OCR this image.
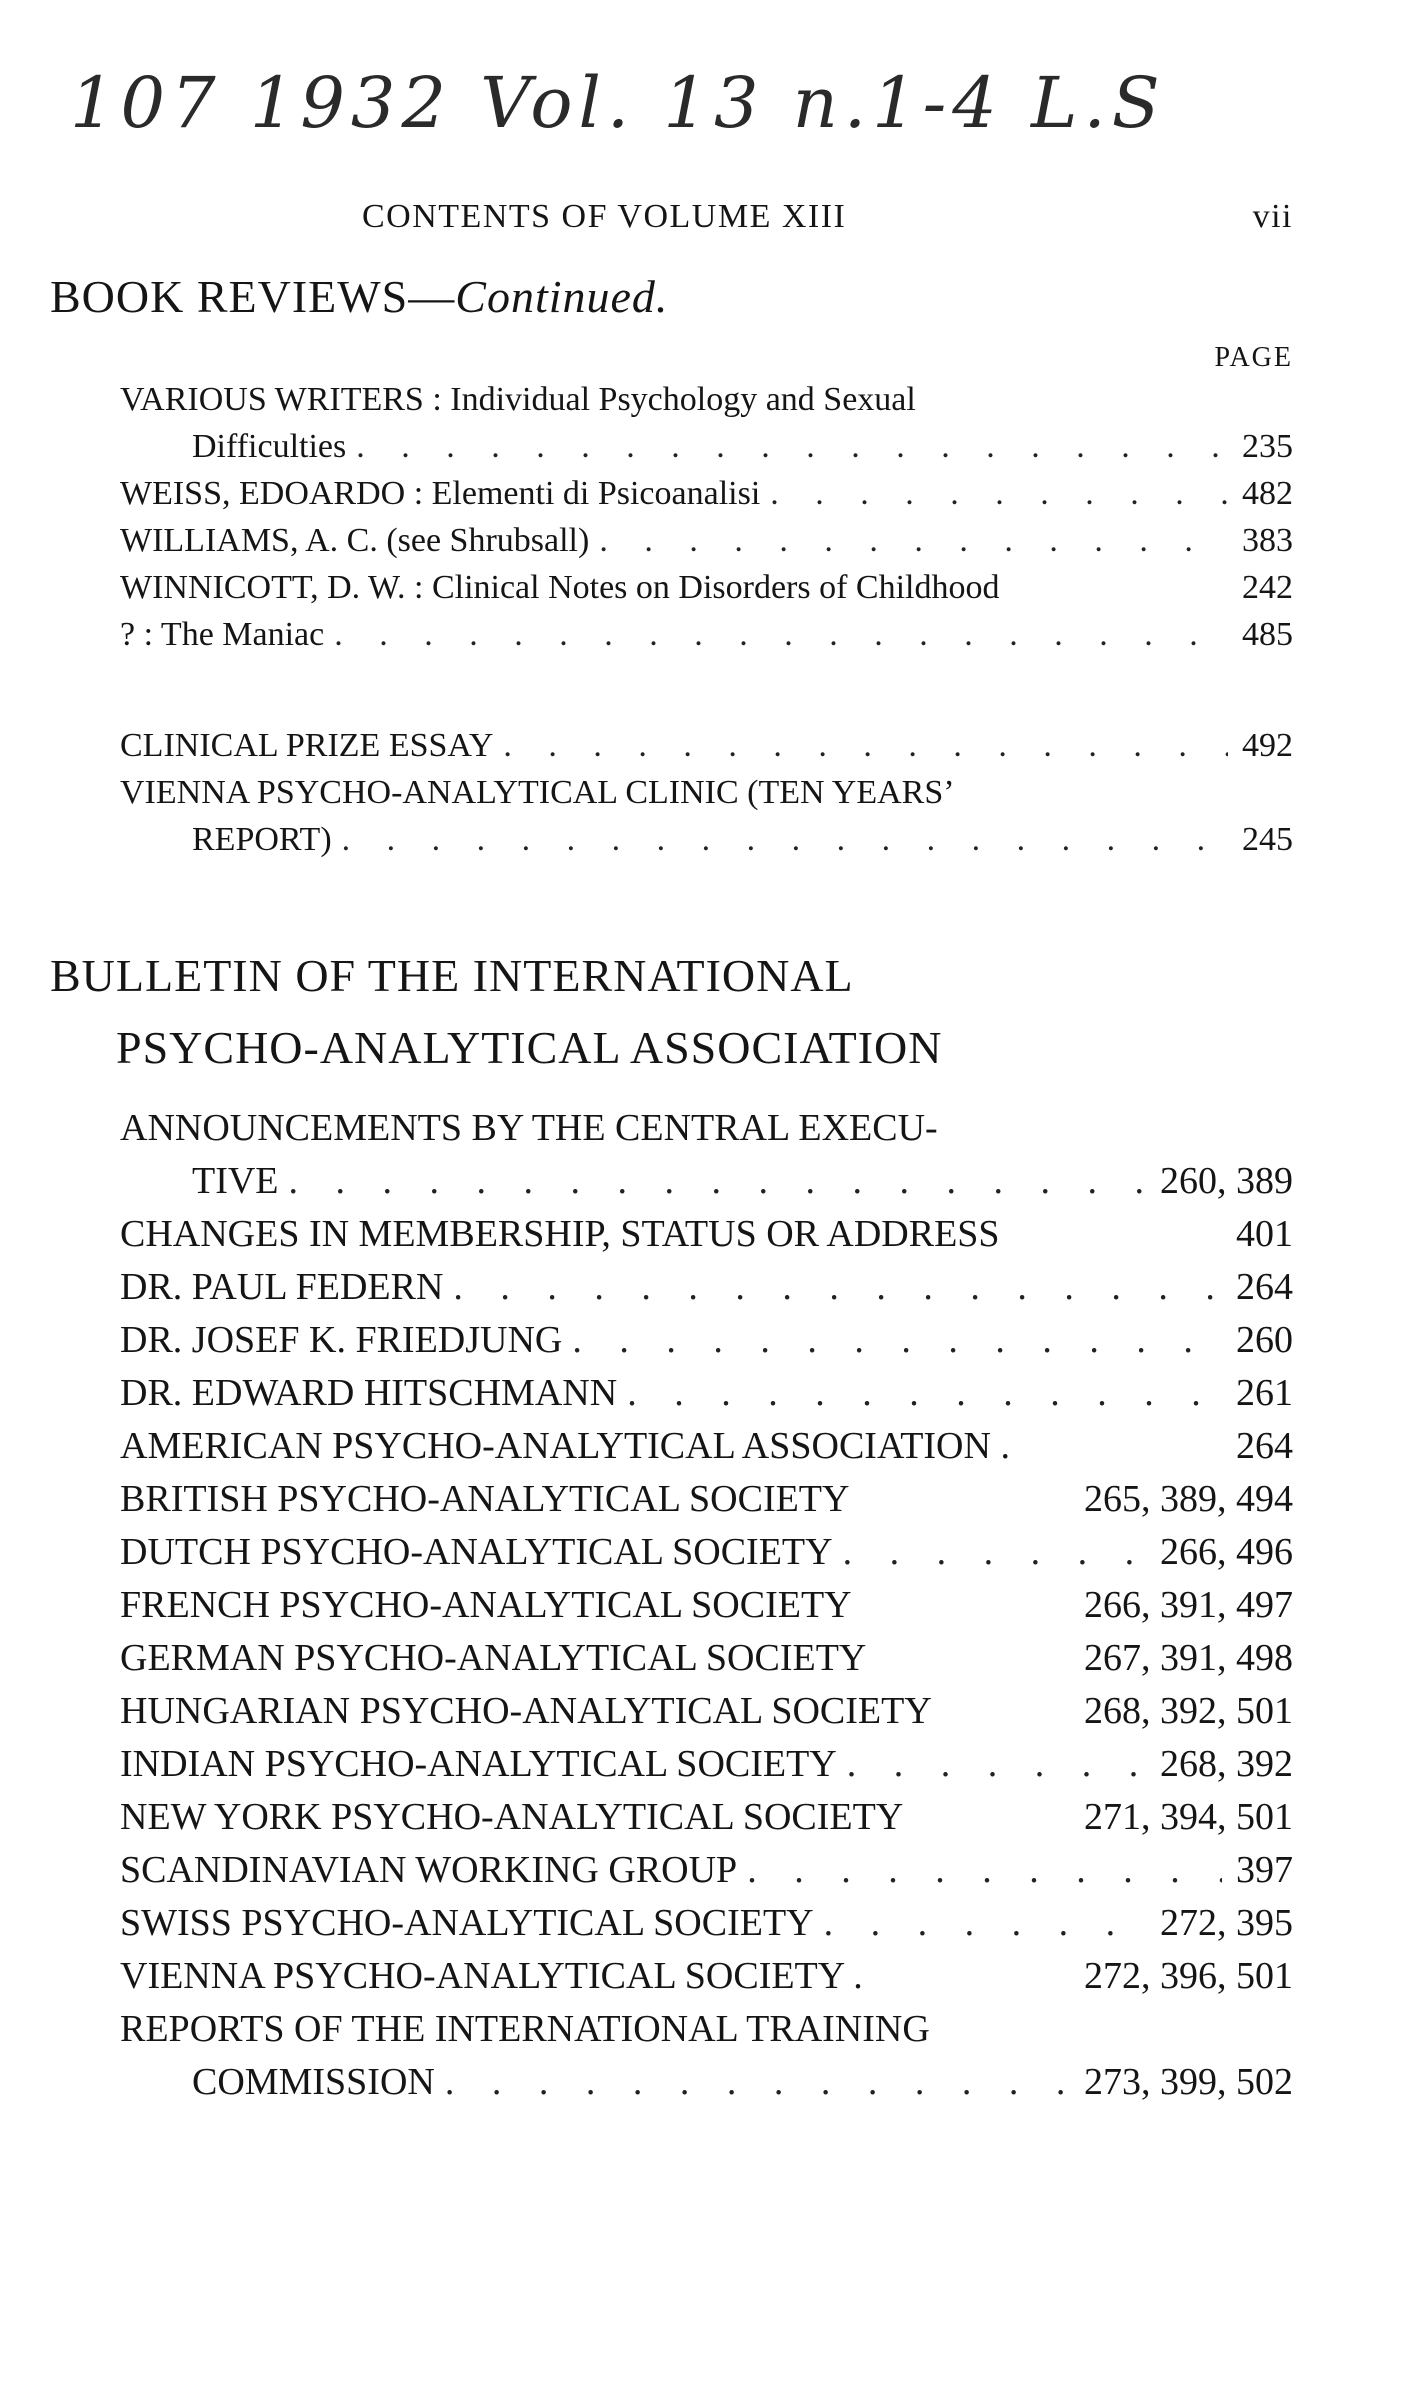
107 1932 Vol. 13 n.1-4 L.S
CONTENTS OF VOLUME XIII	vii
BOOK REVIEWS—Continued.
PAGE
VARIOUS WRITERS : Individual Psychology and Sexual
Difficulties . . .	235
WEISS, EDOARDO : Elementi di Psicoanalisi . . .	482
WILLIAMS, A. C. (see Shrubsall) . . .	383
WINNICOTT, D. W. : Clinical Notes on Disorders of Childhood	242
? : The Maniac . . .	485
CLINICAL PRIZE ESSAY . . .	492
VIENNA PSYCHO-ANALYTICAL CLINIC (TEN YEARS’
REPORT) . . .	245
BULLETIN OF THE INTERNATIONAL
PSYCHO-ANALYTICAL ASSOCIATION
ANNOUNCEMENTS BY THE CENTRAL EXECU-
TIVE . . .	260, 389
CHANGES IN MEMBERSHIP, STATUS OR ADDRESS	401
DR. PAUL FEDERN . . .	264
DR. JOSEF K. FRIEDJUNG . . .	260
DR. EDWARD HITSCHMANN . . .	261
AMERICAN PSYCHO-ANALYTICAL ASSOCIATION .	264
BRITISH PSYCHO-ANALYTICAL SOCIETY	265, 389, 494
DUTCH PSYCHO-ANALYTICAL SOCIETY . . .	266, 496
FRENCH PSYCHO-ANALYTICAL SOCIETY	266, 391, 497
GERMAN PSYCHO-ANALYTICAL SOCIETY	267, 391, 498
HUNGARIAN PSYCHO-ANALYTICAL SOCIETY	268, 392, 501
INDIAN PSYCHO-ANALYTICAL SOCIETY . . .	268, 392
NEW YORK PSYCHO-ANALYTICAL SOCIETY	271, 394, 501
SCANDINAVIAN WORKING GROUP . . .	397
SWISS PSYCHO-ANALYTICAL SOCIETY . . .	272, 395
VIENNA PSYCHO-ANALYTICAL SOCIETY .	272, 396, 501
REPORTS OF THE INTERNATIONAL TRAINING
COMMISSION . . .	273, 399, 502
